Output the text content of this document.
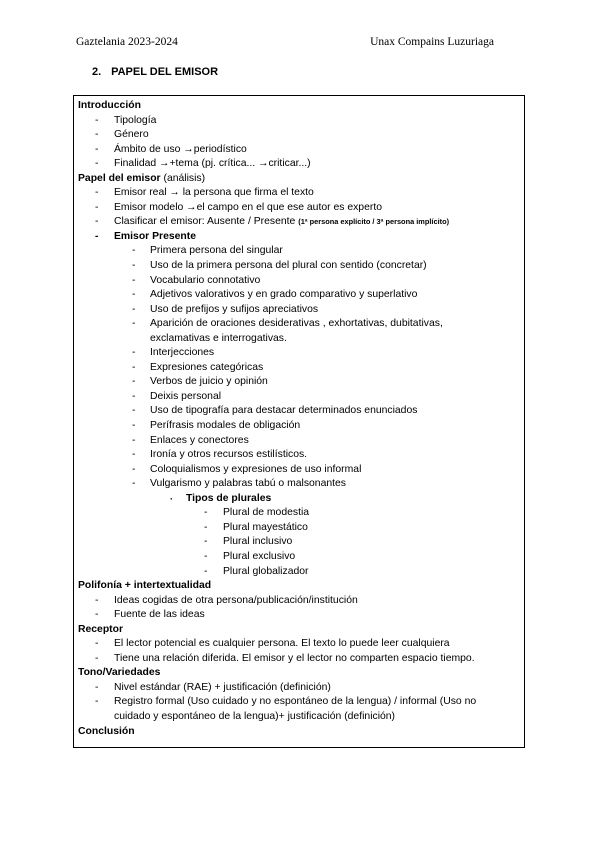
Gaztelania 2023-2024	Unax Compains Luzuriaga
2. PAPEL DEL EMISOR
Introducción
- Tipología
- Género
- Ámbito de uso →periodístico
- Finalidad →+tema (pj. crítica... →criticar...)
Papel del emisor (análisis)
- Emisor real → la persona que firma el texto
- Emisor modelo →el campo en el que ese autor es experto
- Clasificar el emisor: Ausente / Presente (1ª persona explícito / 3ª persona implícito)
- Emisor Presente
- Primera persona del singular
- Uso de la primera persona del plural con sentido (concretar)
- Vocabulario connotativo
- Adjetivos valorativos y en grado comparativo y superlativo
- Uso de prefijos y sufijos apreciativos
- Aparición de oraciones desiderativas , exhortativas, dubitativas,
exclamativas e interrogativas.
- Interjecciones
- Expresiones categóricas
- Verbos de juicio y opinión
- Deixis personal
- Uso de tipografía para destacar determinados enunciados
- Perífrasis modales de obligación
- Enlaces y conectores
- Ironía y otros recursos estilísticos.
- Coloquialismos y expresiones de uso informal
- Vulgarismo y palabras tabú o malsonantes
· Tipos de plurales
- Plural de modestia
- Plural mayestático
- Plural inclusivo
- Plural exclusivo
- Plural globalizador
Polifonía + intertextualidad
- Ideas cogidas de otra persona/publicación/institución
- Fuente de las ideas
Receptor
- El lector potencial es cualquier persona. El texto lo puede leer cualquiera
- Tiene una relación diferida. El emisor y el lector no comparten espacio tiempo.
Tono/Variedades
- Nivel estándar (RAE) + justificación (definición)
- Registro formal (Uso cuidado y no espontáneo de la lengua) / informal (Uso no
cuidado y espontáneo de la lengua)+ justificación (definición)
Conclusión
